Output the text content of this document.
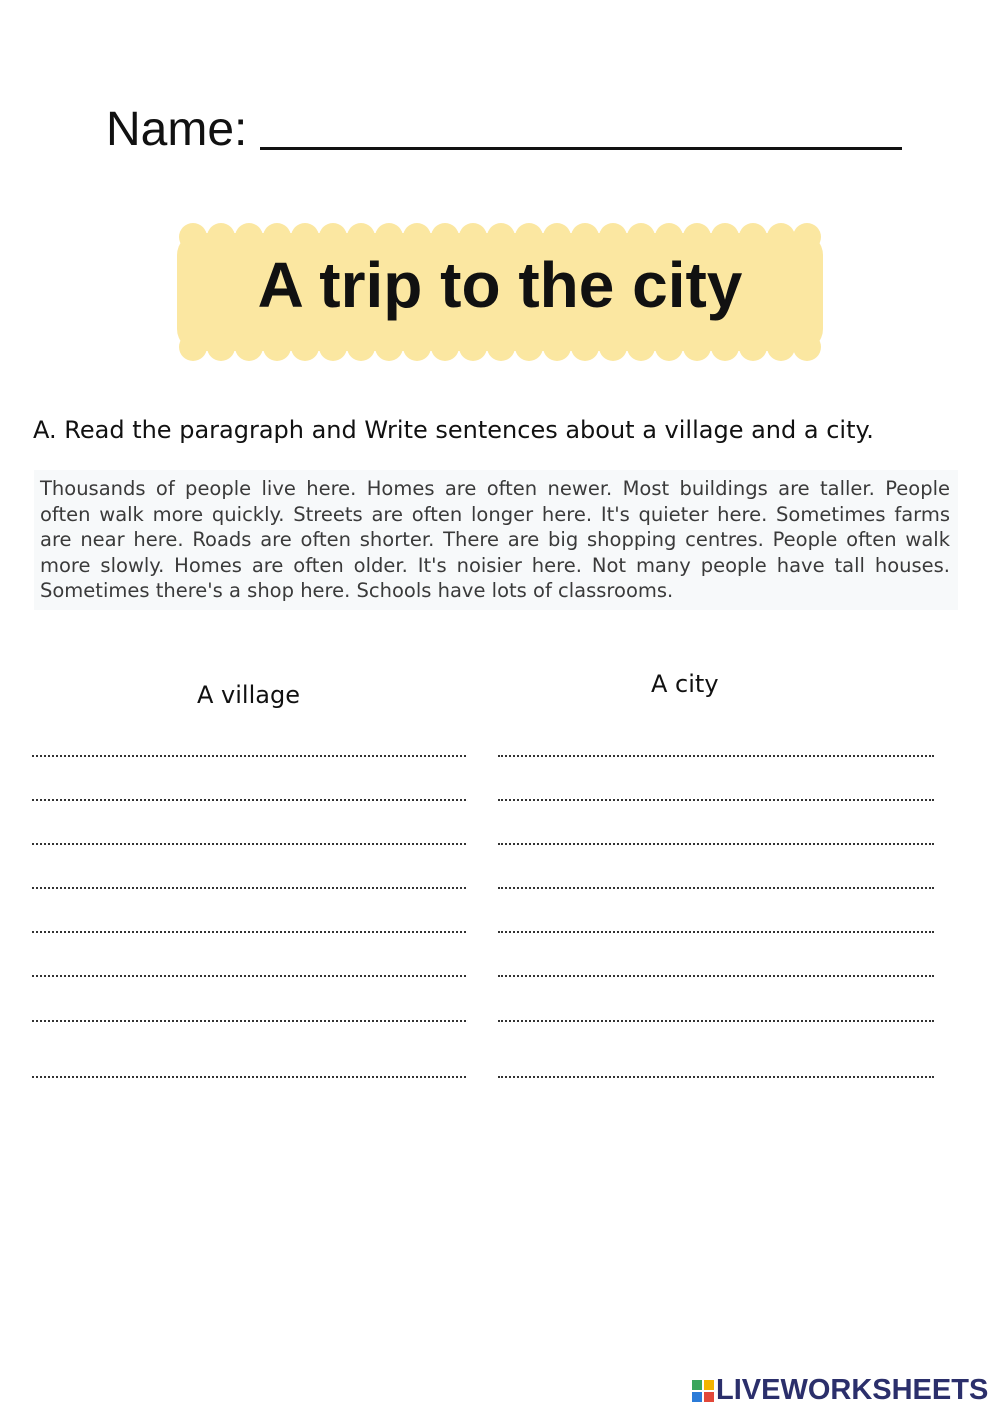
Name:
A trip to the city
A. Read the paragraph and Write sentences about a village and a city.
Thousands of people live here. Homes are often newer. Most buildings are taller. People often walk more quickly. Streets are often longer here. It's quieter here. Sometimes farms are near here. Roads are often shorter. There are big shopping centres. People often walk more slowly. Homes are often older. It's noisier here. Not many people have tall houses. Sometimes there's a shop here. Schools have lots of classrooms.
A village	A city
LIVEWORKSHEETS
